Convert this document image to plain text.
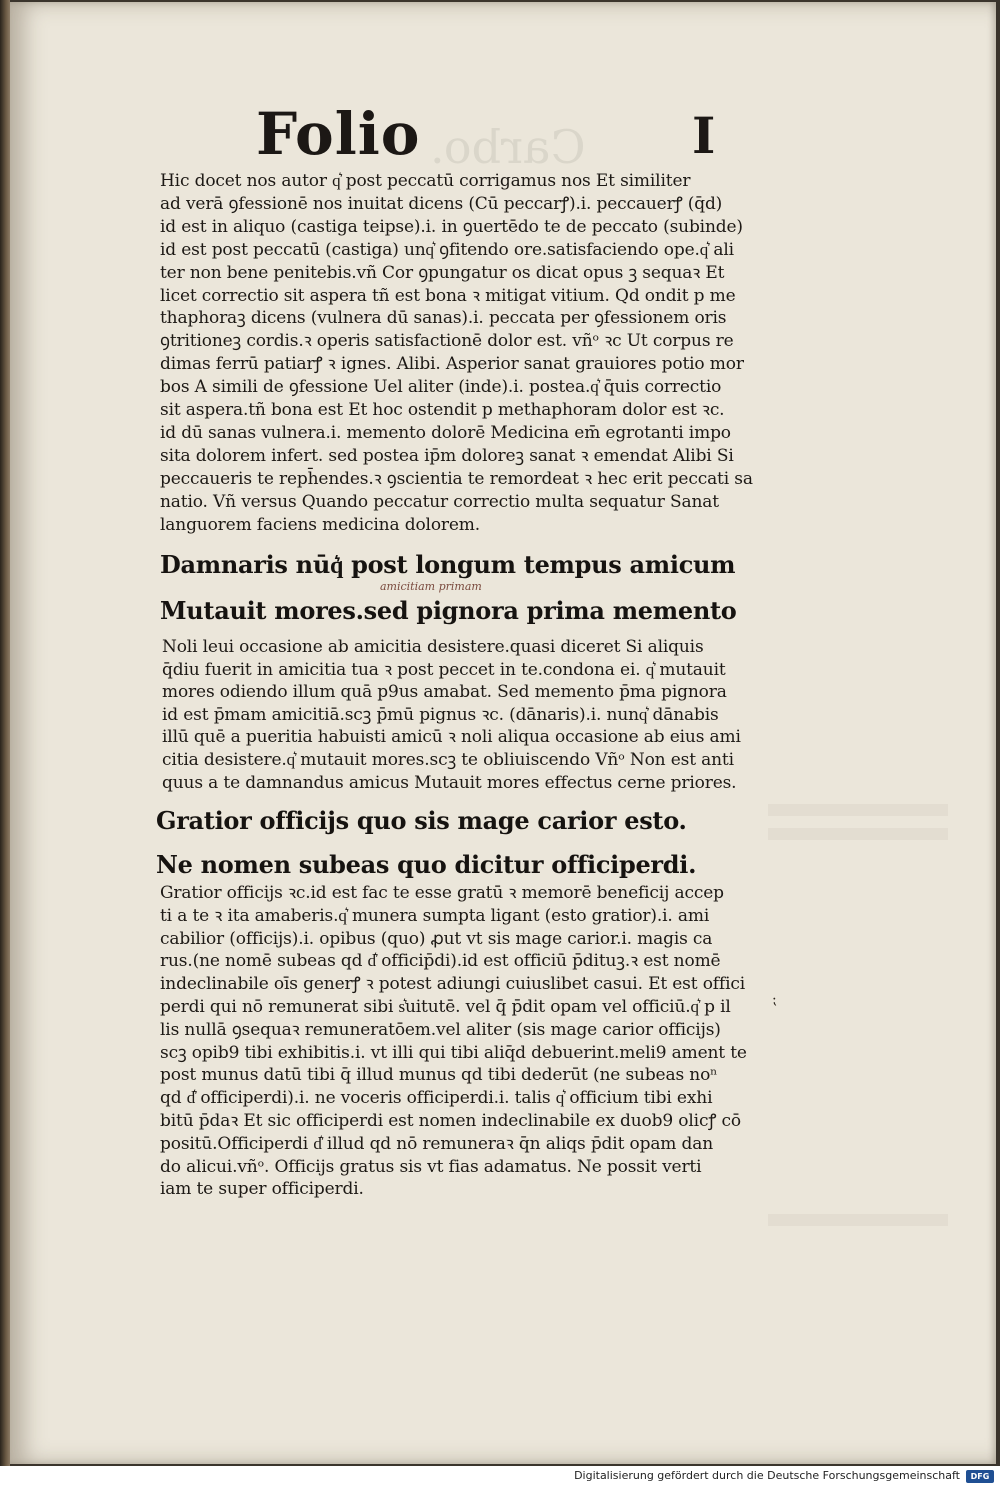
Carbo.
Folio	I
Hic docet nos autor q͛ post peccatū corrigamus nos Et similiter
ad verā ꝯfessionē nos inuitat dicens (Cū peccarꝭ).i. peccauerꝭ (q̄d)
id est in aliquo (castiga teipse).i. in ꝯuertēdo te de peccato (subinde)
id est post peccatū (castiga) unq͛ ꝯfitendo ore.satisfaciendo ope.q͛ ali
ter non bene penitebis.vñ Cor ꝯpungatur os dicat opus ꝫ sequaꝛ Et
licet correctio sit aspera tñ est bona ꝛ mitigat vitium. Qd ondit p me
thaphoraꝫ dicens (vulnera dū sanas).i. peccata per ꝯfessionem oris
ꝯtritioneꝫ cordis.ꝛ operis satisfactionē dolor est. vñᵒ ꝛc Ut corpus re
dimas ferrū patiarꝭ ꝛ ignes. Alibi. Asperior sanat grauiores potio mor
bos A simili de ꝯfessione Uel aliter (inde).i. postea.q͛ q̄uis correctio
sit aspera.tñ bona est Et hoc ostendit p methaphoram dolor est ꝛc.
id dū sanas vulnera.i. memento dolorē Medicina em̄ egrotanti impo
sita dolorem infert. sed postea ip̄m doloreꝫ sanat ꝛ emendat Alibi Si
peccaueris te reph̄endes.ꝛ ꝯscientia te remordeat ꝛ hec erit peccati sa
natio. Vñ versus Quando peccatur correctio multa sequatur Sanat
languorem faciens medicina dolorem.
Damnaris nūq͛ post longum tempus amicum
amicitiam primam
Mutauit mores.sed pignora prima memento
Noli leui occasione ab amicitia desistere.quasi diceret Si aliquis
q̄diu fuerit in amicitia tua ꝛ post peccet in te.condona ei. q͛ mutauit
mores odiendo illum quā p9us amabat. Sed memento p̄ma pignora
id est p̄mam amicitiā.scꝫ p̄mū pignus ꝛc. (dānaris).i. nunq͛ dānabis
illū quē a pueritia habuisti amicū ꝛ noli aliqua occasione ab eius ami
citia desistere.q͛ mutauit mores.scꝫ te obliuiscendo Vñᵒ Non est anti
quus a te damnandus amicus Mutauit mores effectus cerne priores.
Gratior officijs quo sis mage carior esto.
Ne nomen subeas quo dicitur officiperdi.
Gratior officijs ꝛc.id est fac te esse gratū ꝛ memorē beneficij accep
ti a te ꝛ ita amaberis.q͛ munera sumpta ligant (esto gratior).i. ami
cabilior (officijs).i. opibus (quo) ꝓut vt sis mage carior.i. magis ca
rus.(ne nomē subeas qd d͛ officip̄di).id est officiū p̄dituꝫ.ꝛ est nomē
indeclinabile oīs generꝭ ꝛ potest adiungi cuiuslibet casui. Et est offici
perdi qui nō remunerat sibi s͛uitutē. vel q̄ p̄dit opam vel officiū.q͛ p il
lis nullā ꝯsequaꝛ remuneratōem.vel aliter (sis mage carior officijs)
scꝫ opib9 tibi exhibitis.i. vt illi qui tibi aliq̄d debuerint.meli9 ament te
post munus datū tibi q̄ illud munus qd tibi dederūt (ne subeas noⁿ
qd d͛ officiperdi).i. ne voceris officiperdi.i. talis q͛ officium tibi exhi
bitū p̄daꝛ Et sic officiperdi est nomen indeclinabile ex duob9 olicꝭ cō
positū.Officiperdi d͛ illud qd nō remuneraꝛ q̄n aliqs p̄dit opam dan
do alicui.vñᵒ. Officijs gratus sis vt fias adamatus. Ne possit verti
iam te super officiperdi.
⁏
Digitalisierung gefördert durch die Deutsche Forschungsgemeinschaft	DFG
